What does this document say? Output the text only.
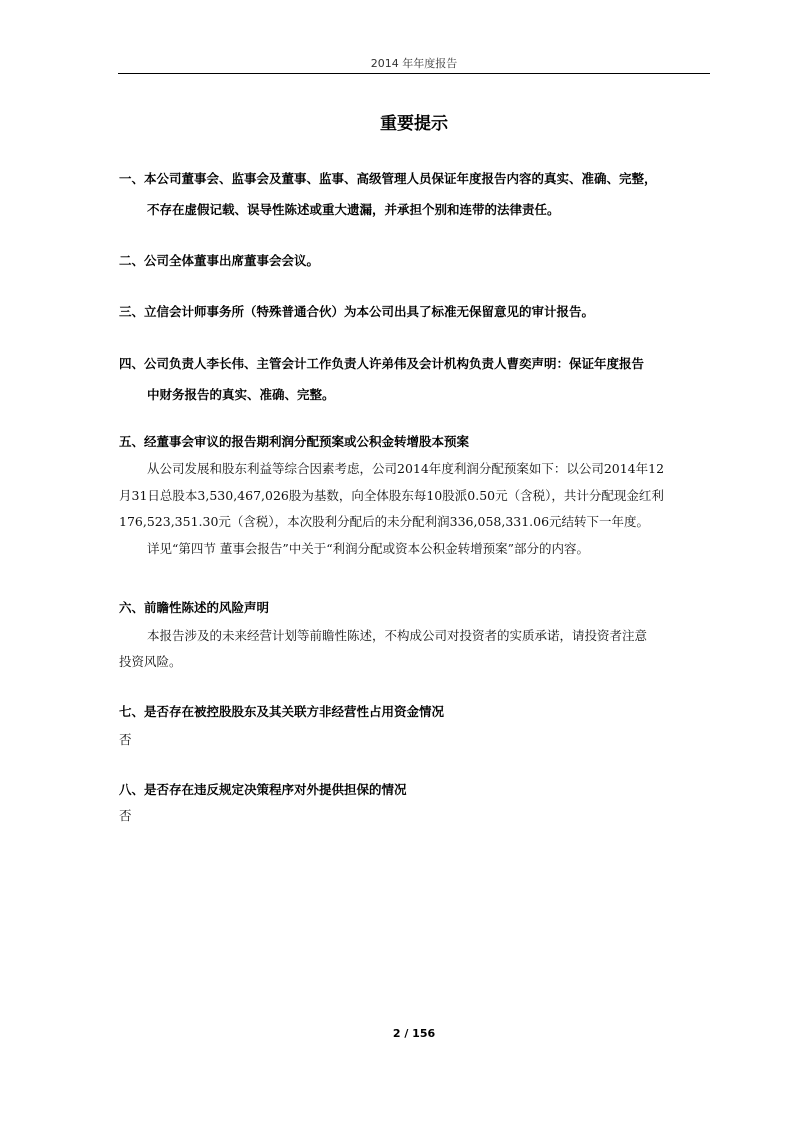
2014 年年度报告
重要提示
一、本公司董事会、监事会及董事、监事、高级管理人员保证年度报告内容的真实、准确、完整，
不存在虚假记载、误导性陈述或重大遗漏，并承担个别和连带的法律责任。
二、公司全体董事出席董事会会议。
三、立信会计师事务所（特殊普通合伙）为本公司出具了标准无保留意见的审计报告。
四、公司负责人李长伟、主管会计工作负责人许弟伟及会计机构负责人曹奕声明：保证年度报告
中财务报告的真实、准确、完整。
五、经董事会审议的报告期利润分配预案或公积金转增股本预案
从公司发展和股东利益等综合因素考虑，公司2014年度利润分配预案如下：以公司2014年12
月31日总股本3,530,467,026股为基数，向全体股东每10股派0.50元（含税），共计分配现金红利
176,523,351.30元（含税），本次股利分配后的未分配利润336,058,331.06元结转下一年度。
详见“第四节 董事会报告”中关于“利润分配或资本公积金转增预案”部分的内容。
六、前瞻性陈述的风险声明
本报告涉及的未来经营计划等前瞻性陈述，不构成公司对投资者的实质承诺，请投资者注意
投资风险。
七、是否存在被控股股东及其关联方非经营性占用资金情况
否
八、是否存在违反规定决策程序对外提供担保的情况
否
2 / 156
